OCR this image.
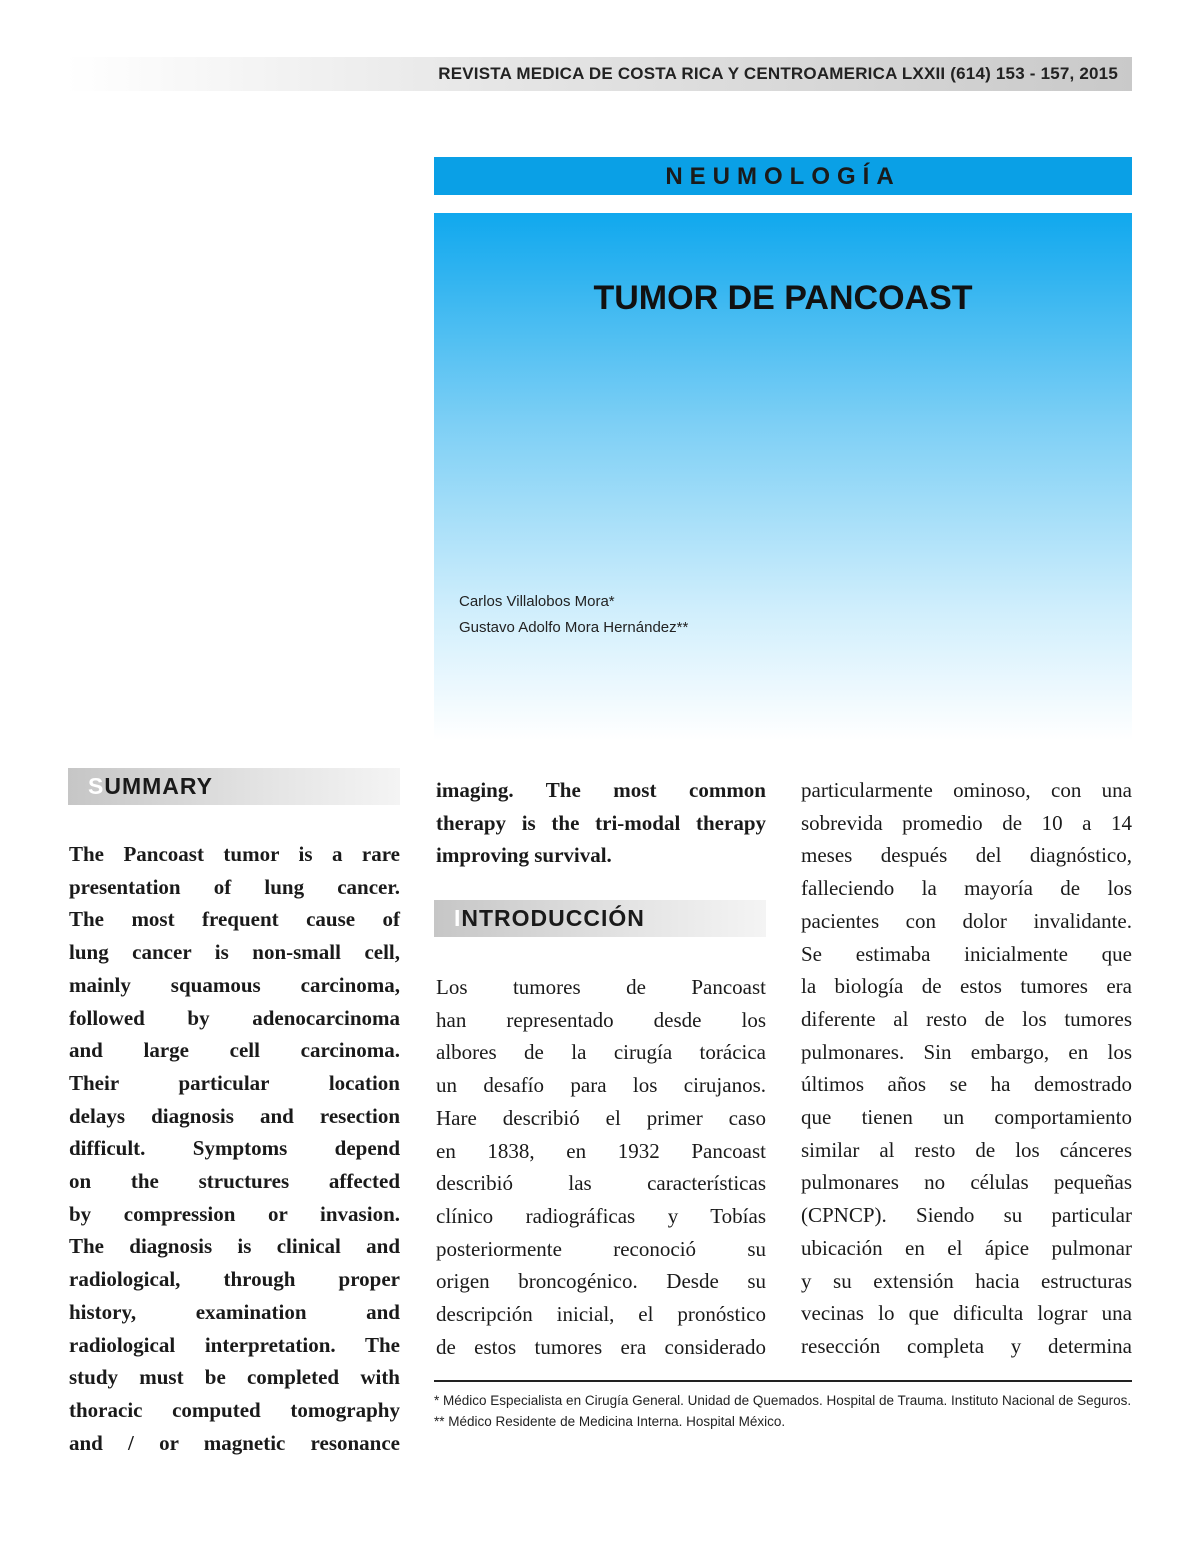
REVISTA MEDICA DE COSTA RICA Y CENTROAMERICA LXXII (614) 153 - 157, 2015
NEUMOLOGÍA
TUMOR DE PANCOAST
Carlos Villalobos Mora*
Gustavo Adolfo Mora Hernández**
SUMMARY

The Pancoast tumor is a rare

presentation of lung cancer.

The most frequent cause of

lung cancer is non-small cell,

mainly squamous carcinoma,

followed by adenocarcinoma

and large cell carcinoma.

Their particular location

delays diagnosis and resection

difficult. Symptoms depend

on the structures affected

by compression or invasion.

The diagnosis is clinical and

radiological, through proper

history, examination and

radiological interpretation. The

study must be completed with

thoracic computed tomography

and / or magnetic resonance

imaging. The most common

therapy is the tri-modal therapy

improving survival.

INTRODUCCIÓN

Los tumores de Pancoast

han representado desde los

albores de la cirugía torácica

un desafío para los cirujanos.

Hare describió el primer caso

en 1838, en 1932 Pancoast

describió las características

clínico radiográficas y Tobías

posteriormente reconoció su

origen broncogénico. Desde su

descripción inicial, el pronóstico

de estos tumores era considerado

particularmente ominoso, con una

sobrevida promedio de 10 a 14

meses después del diagnóstico,

falleciendo la mayoría de los

pacientes con dolor invalidante.

Se estimaba inicialmente que

la biología de estos tumores era

diferente al resto de los tumores

pulmonares. Sin embargo, en los

últimos años se ha demostrado

que tienen un comportamiento

similar al resto de los cánceres

pulmonares no células pequeñas

(CPNCP). Siendo su particular

ubicación en el ápice pulmonar

y su extensión hacia estructuras

vecinas lo que dificulta lograr una

resección completa y determina

* Médico Especialista en Cirugía General. Unidad de Quemados. Hospital de Trauma. Instituto Nacional de Seguros.

** Médico Residente de Medicina Interna. Hospital México.
